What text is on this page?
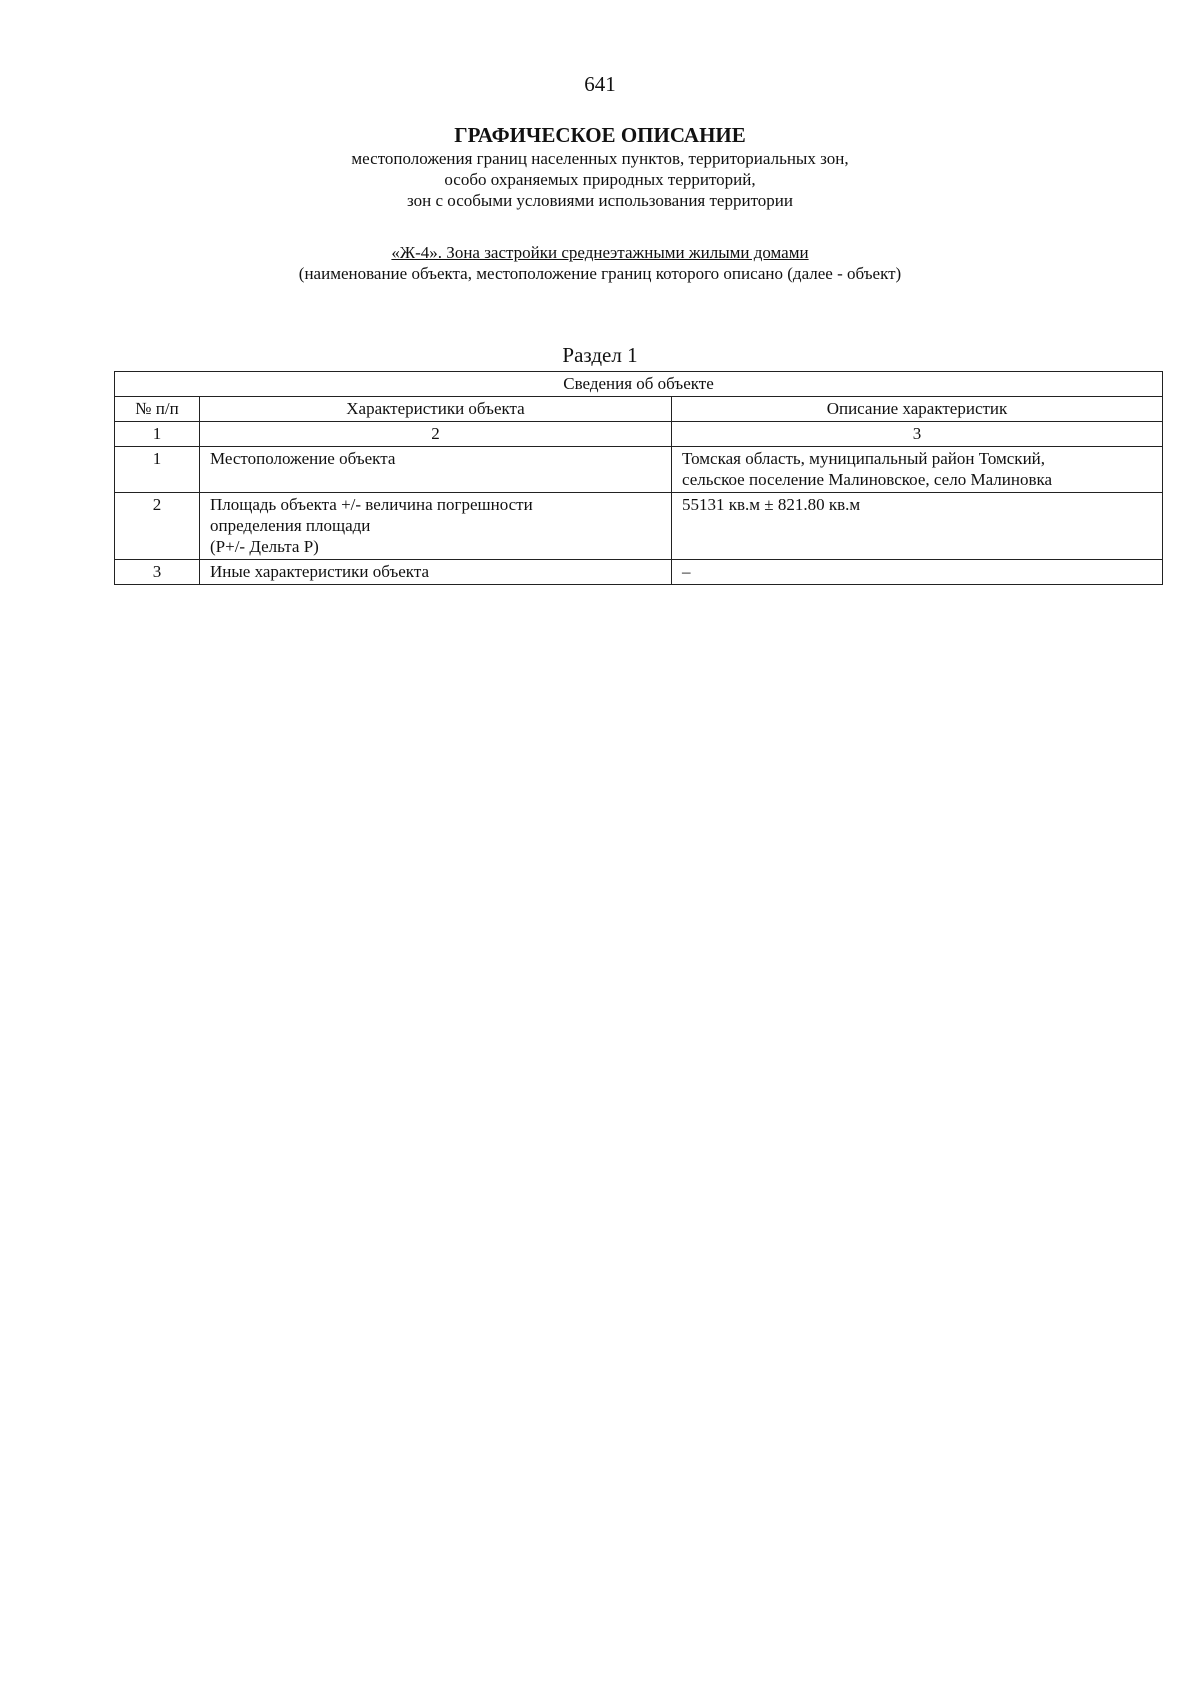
641
ГРАФИЧЕСКОЕ ОПИСАНИЕ
местоположения границ населенных пунктов, территориальных зон,
особо охраняемых природных территорий,
зон с особыми условиями использования территории
«Ж-4». Зона застройки среднеэтажными жилыми домами
(наименование объекта, местоположение границ которого описано (далее - объект)
Раздел 1
Сведения об объекте		
№ п/п	Характеристики объекта	Описание характеристик
1	2	3
1	Местоположение объекта	Томская область, муниципальный район Томский,
сельское поселение Малиновское, село Малиновка
2	Площадь объекта +/- величина погрешности
определения площади
(Р+/- Дельта Р)	55131 кв.м ± 821.80 кв.м
3	Иные характеристики объекта	–
